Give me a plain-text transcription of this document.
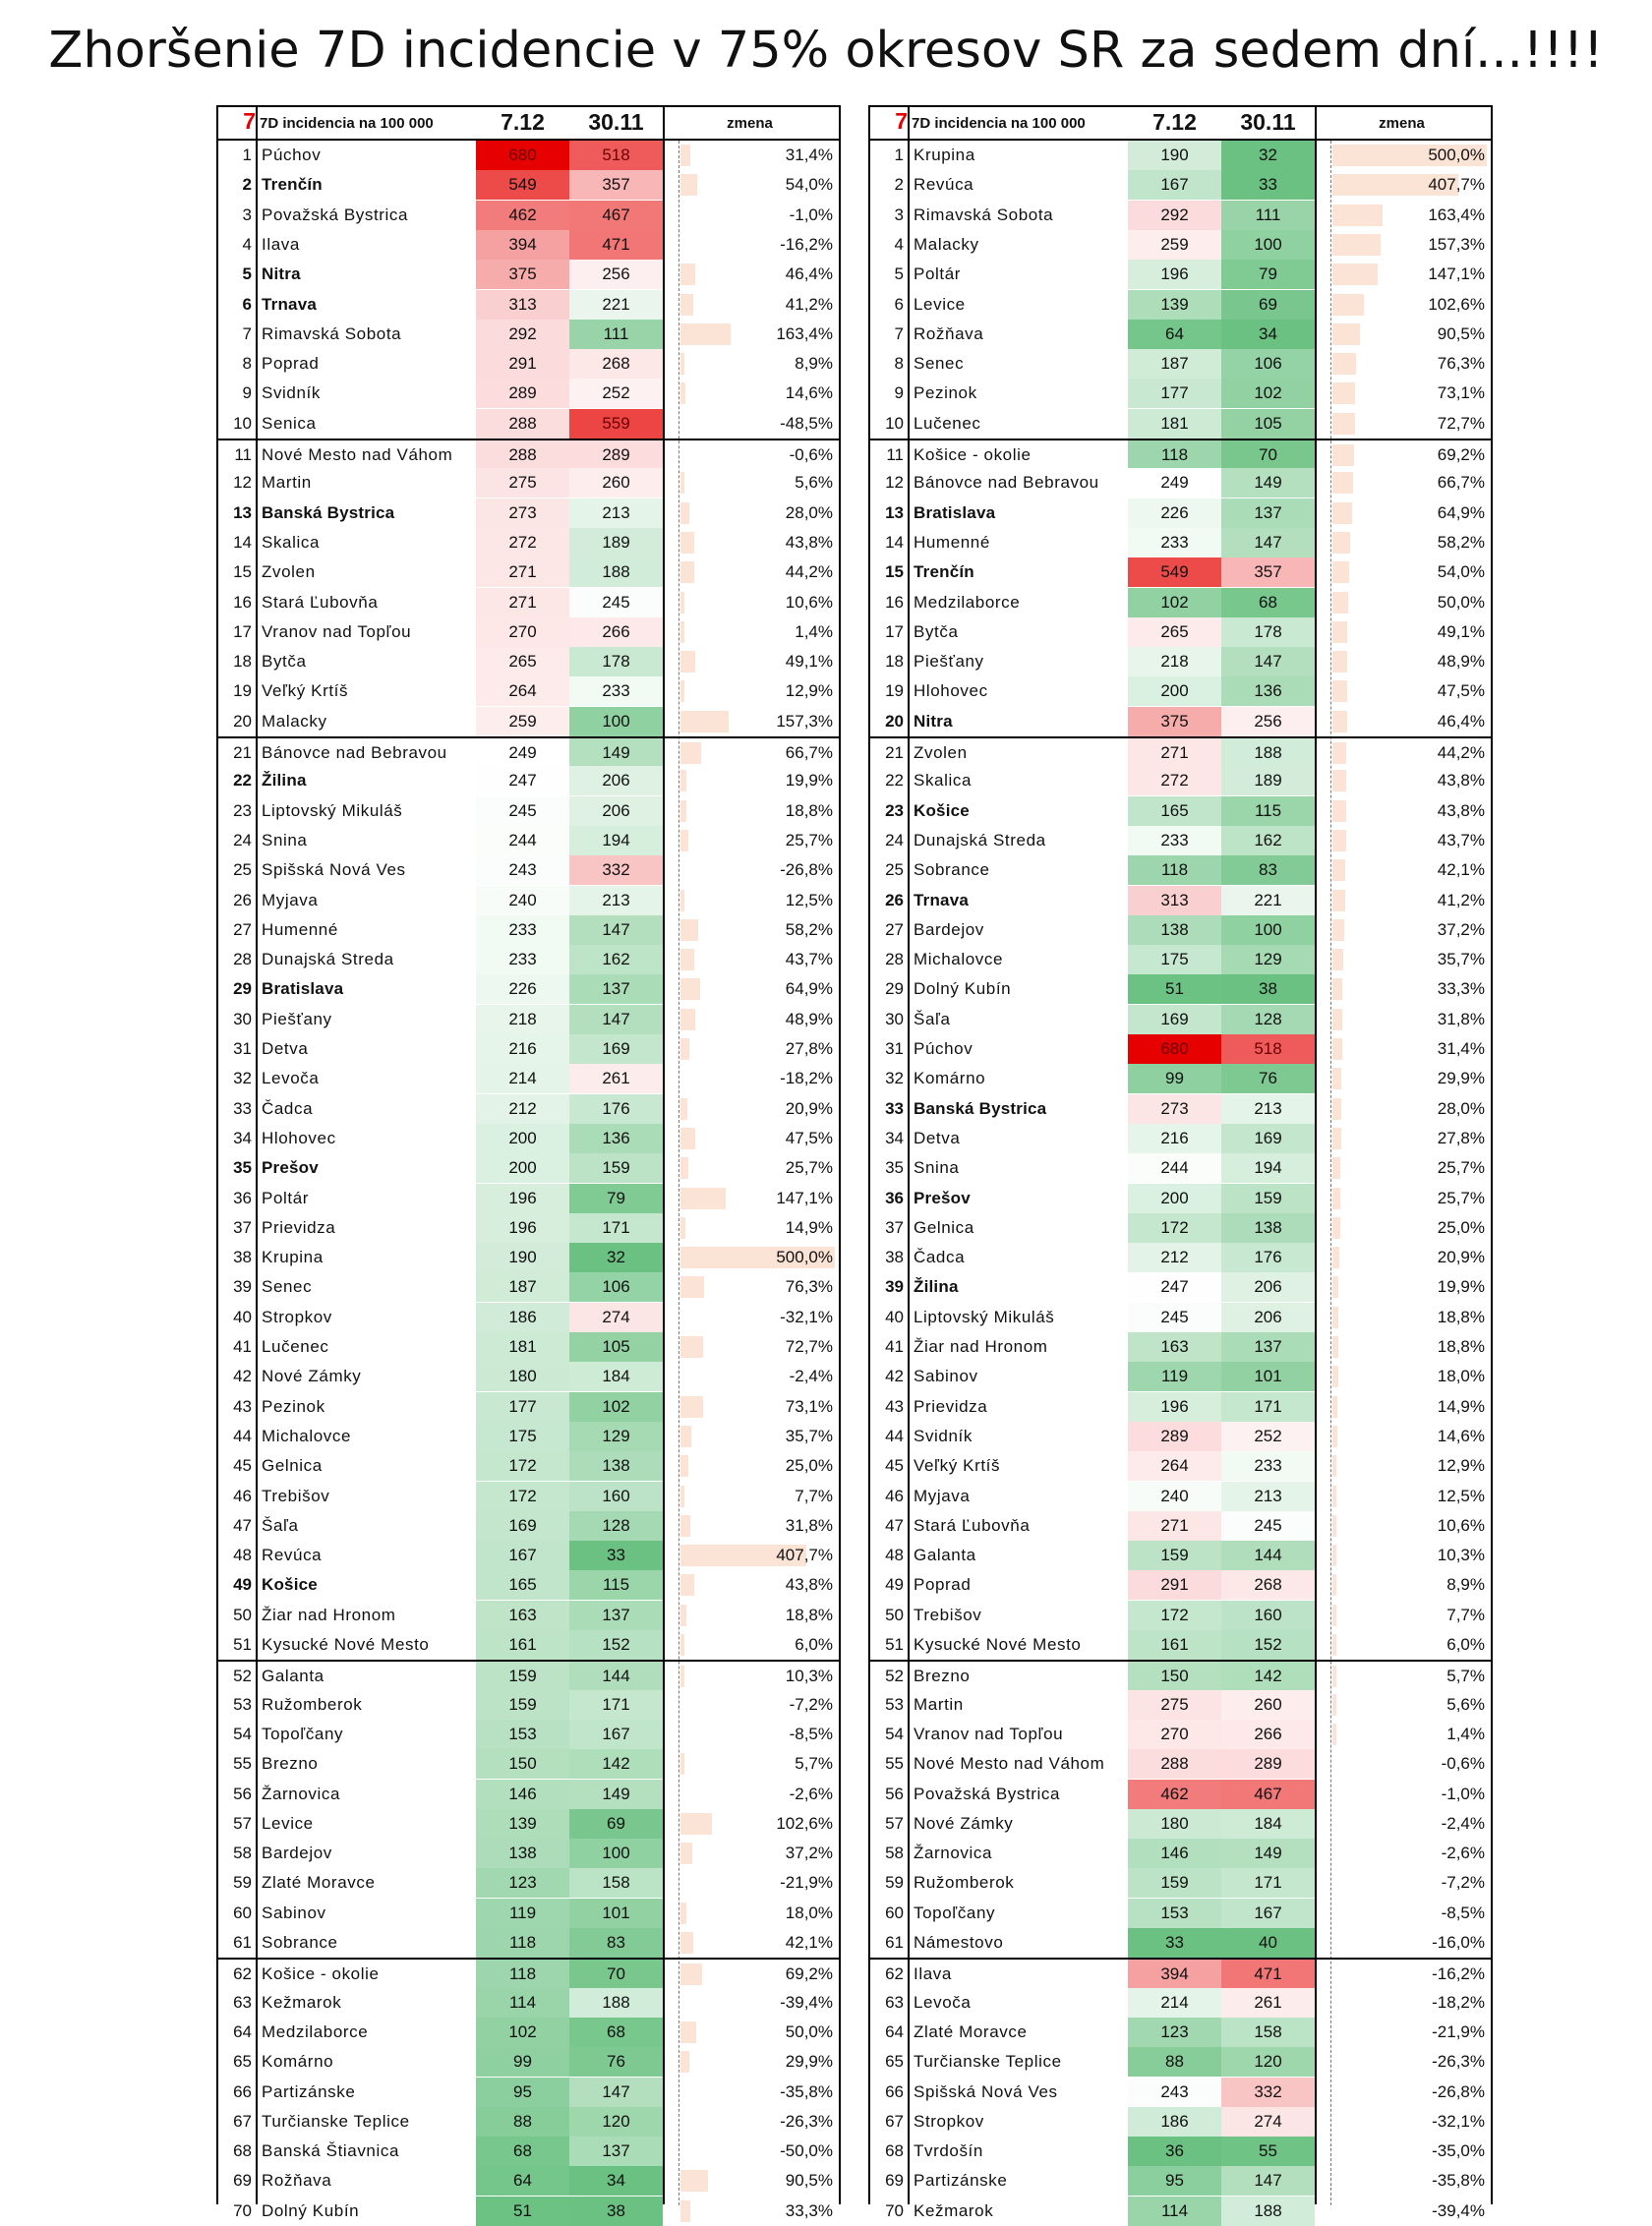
Zhoršenie 7D incidencie v 75% okresov SR za sedem dní...!!!!
7 7D incidencia na 100 000	7.12	30.11	zmena
1 Púchov	680	518	31,4%
2 Trenčín	549	357	54,0%
3 Považská Bystrica	462	467	-1,0%
4 Ilava	394	471	-16,2%
5 Nitra	375	256	46,4%
6 Trnava	313	221	41,2%
7 Rimavská Sobota	292	111	163,4%
8 Poprad	291	268	8,9%
9 Svidník	289	252	14,6%
10 Senica	288	559	-48,5%
11 Nové Mesto nad Váhom	288	289	-0,6%
12 Martin	275	260	5,6%
13 Banská Bystrica	273	213	28,0%
14 Skalica	272	189	43,8%
15 Zvolen	271	188	44,2%
16 Stará Ľubovňa	271	245	10,6%
17 Vranov nad Topľou	270	266	1,4%
18 Bytča	265	178	49,1%
19 Veľký Krtíš	264	233	12,9%
20 Malacky	259	100	157,3%
21 Bánovce nad Bebravou	249	149	66,7%
22 Žilina	247	206	19,9%
23 Liptovský Mikuláš	245	206	18,8%
24 Snina	244	194	25,7%
25 Spišská Nová Ves	243	332	-26,8%
26 Myjava	240	213	12,5%
27 Humenné	233	147	58,2%
28 Dunajská Streda	233	162	43,7%
29 Bratislava	226	137	64,9%
30 Piešťany	218	147	48,9%
31 Detva	216	169	27,8%
32 Levoča	214	261	-18,2%
33 Čadca	212	176	20,9%
34 Hlohovec	200	136	47,5%
35 Prešov	200	159	25,7%
36 Poltár	196	79	147,1%
37 Prievidza	196	171	14,9%
38 Krupina	190	32	500,0%
39 Senec	187	106	76,3%
40 Stropkov	186	274	-32,1%
41 Lučenec	181	105	72,7%
42 Nové Zámky	180	184	-2,4%
43 Pezinok	177	102	73,1%
44 Michalovce	175	129	35,7%
45 Gelnica	172	138	25,0%
46 Trebišov	172	160	7,7%
47 Šaľa	169	128	31,8%
48 Revúca	167	33	407,7%
49 Košice	165	115	43,8%
50 Žiar nad Hronom	163	137	18,8%
51 Kysucké Nové Mesto	161	152	6,0%
52 Galanta	159	144	10,3%
53 Ružomberok	159	171	-7,2%
54 Topoľčany	153	167	-8,5%
55 Brezno	150	142	5,7%
56 Žarnovica	146	149	-2,6%
57 Levice	139	69	102,6%
58 Bardejov	138	100	37,2%
59 Zlaté Moravce	123	158	-21,9%
60 Sabinov	119	101	18,0%
61 Sobrance	118	83	42,1%
62 Košice - okolie	118	70	69,2%
63 Kežmarok	114	188	-39,4%
64 Medzilaborce	102	68	50,0%
65 Komárno	99	76	29,9%
66 Partizánske	95	147	-35,8%
67 Turčianske Teplice	88	120	-26,3%
68 Banská Štiavnica	68	137	-50,0%
69 Rožňava	64	34	90,5%
70 Dolný Kubín	51	38	33,3%
7 7D incidencia na 100 000	7.12	30.11	zmena
1 Krupina	190	32	500,0%
2 Revúca	167	33	407,7%
3 Rimavská Sobota	292	111	163,4%
4 Malacky	259	100	157,3%
5 Poltár	196	79	147,1%
6 Levice	139	69	102,6%
7 Rožňava	64	34	90,5%
8 Senec	187	106	76,3%
9 Pezinok	177	102	73,1%
10 Lučenec	181	105	72,7%
11 Košice - okolie	118	70	69,2%
12 Bánovce nad Bebravou	249	149	66,7%
13 Bratislava	226	137	64,9%
14 Humenné	233	147	58,2%
15 Trenčín	549	357	54,0%
16 Medzilaborce	102	68	50,0%
17 Bytča	265	178	49,1%
18 Piešťany	218	147	48,9%
19 Hlohovec	200	136	47,5%
20 Nitra	375	256	46,4%
21 Zvolen	271	188	44,2%
22 Skalica	272	189	43,8%
23 Košice	165	115	43,8%
24 Dunajská Streda	233	162	43,7%
25 Sobrance	118	83	42,1%
26 Trnava	313	221	41,2%
27 Bardejov	138	100	37,2%
28 Michalovce	175	129	35,7%
29 Dolný Kubín	51	38	33,3%
30 Šaľa	169	128	31,8%
31 Púchov	680	518	31,4%
32 Komárno	99	76	29,9%
33 Banská Bystrica	273	213	28,0%
34 Detva	216	169	27,8%
35 Snina	244	194	25,7%
36 Prešov	200	159	25,7%
37 Gelnica	172	138	25,0%
38 Čadca	212	176	20,9%
39 Žilina	247	206	19,9%
40 Liptovský Mikuláš	245	206	18,8%
41 Žiar nad Hronom	163	137	18,8%
42 Sabinov	119	101	18,0%
43 Prievidza	196	171	14,9%
44 Svidník	289	252	14,6%
45 Veľký Krtíš	264	233	12,9%
46 Myjava	240	213	12,5%
47 Stará Ľubovňa	271	245	10,6%
48 Galanta	159	144	10,3%
49 Poprad	291	268	8,9%
50 Trebišov	172	160	7,7%
51 Kysucké Nové Mesto	161	152	6,0%
52 Brezno	150	142	5,7%
53 Martin	275	260	5,6%
54 Vranov nad Topľou	270	266	1,4%
55 Nové Mesto nad Váhom	288	289	-0,6%
56 Považská Bystrica	462	467	-1,0%
57 Nové Zámky	180	184	-2,4%
58 Žarnovica	146	149	-2,6%
59 Ružomberok	159	171	-7,2%
60 Topoľčany	153	167	-8,5%
61 Námestovo	33	40	-16,0%
62 Ilava	394	471	-16,2%
63 Levoča	214	261	-18,2%
64 Zlaté Moravce	123	158	-21,9%
65 Turčianske Teplice	88	120	-26,3%
66 Spišská Nová Ves	243	332	-26,8%
67 Stropkov	186	274	-32,1%
68 Tvrdošín	36	55	-35,0%
69 Partizánske	95	147	-35,8%
70 Kežmarok	114	188	-39,4%
